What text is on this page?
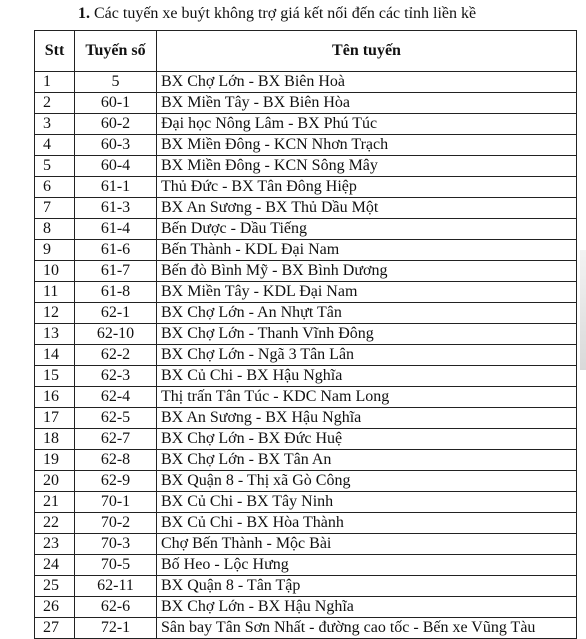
1. Các tuyến xe buýt không trợ giá kết nối đến các tỉnh liền kề
Stt	Tuyến số	Tên tuyến
1	5	BX Chợ Lớn - BX Biên Hoà
2	60-1	BX Miền Tây - BX Biên Hòa
3	60-2	Đại học Nông Lâm - BX Phú Túc
4	60-3	BX Miền Đông - KCN Nhơn Trạch
5	60-4	BX Miền Đông - KCN Sông Mây
6	61-1	Thủ Đức - BX Tân Đông Hiệp
7	61-3	BX An Sương - BX Thủ Dầu Một
8	61-4	Bến Dược - Dầu Tiếng
9	61-6	Bến Thành - KDL Đại Nam
10	61-7	Bến đò Bình Mỹ - BX Bình Dương
11	61-8	BX Miền Tây - KDL Đại Nam
12	62-1	BX Chợ Lớn - An Nhựt Tân
13	62-10	BX Chợ Lớn - Thanh Vĩnh Đông
14	62-2	BX Chợ Lớn - Ngã 3 Tân Lân
15	62-3	BX Củ Chi - BX Hậu Nghĩa
16	62-4	Thị trấn Tân Túc - KDC Nam Long
17	62-5	BX An Sương - BX Hậu Nghĩa
18	62-7	BX Chợ Lớn - BX Đức Huệ
19	62-8	BX Chợ Lớn - BX Tân An
20	62-9	BX Quận 8 - Thị xã Gò Công
21	70-1	BX Củ Chi - BX Tây Ninh
22	70-2	BX Củ Chi - BX Hòa Thành
23	70-3	Chợ Bến Thành - Mộc Bài
24	70-5	Bố Heo - Lộc Hưng
25	62-11	BX Quận 8 - Tân Tập
26	62-6	BX Chợ Lớn - BX Hậu Nghĩa
27	72-1	Sân bay Tân Sơn Nhất - đường cao tốc - Bến xe Vũng Tàu
